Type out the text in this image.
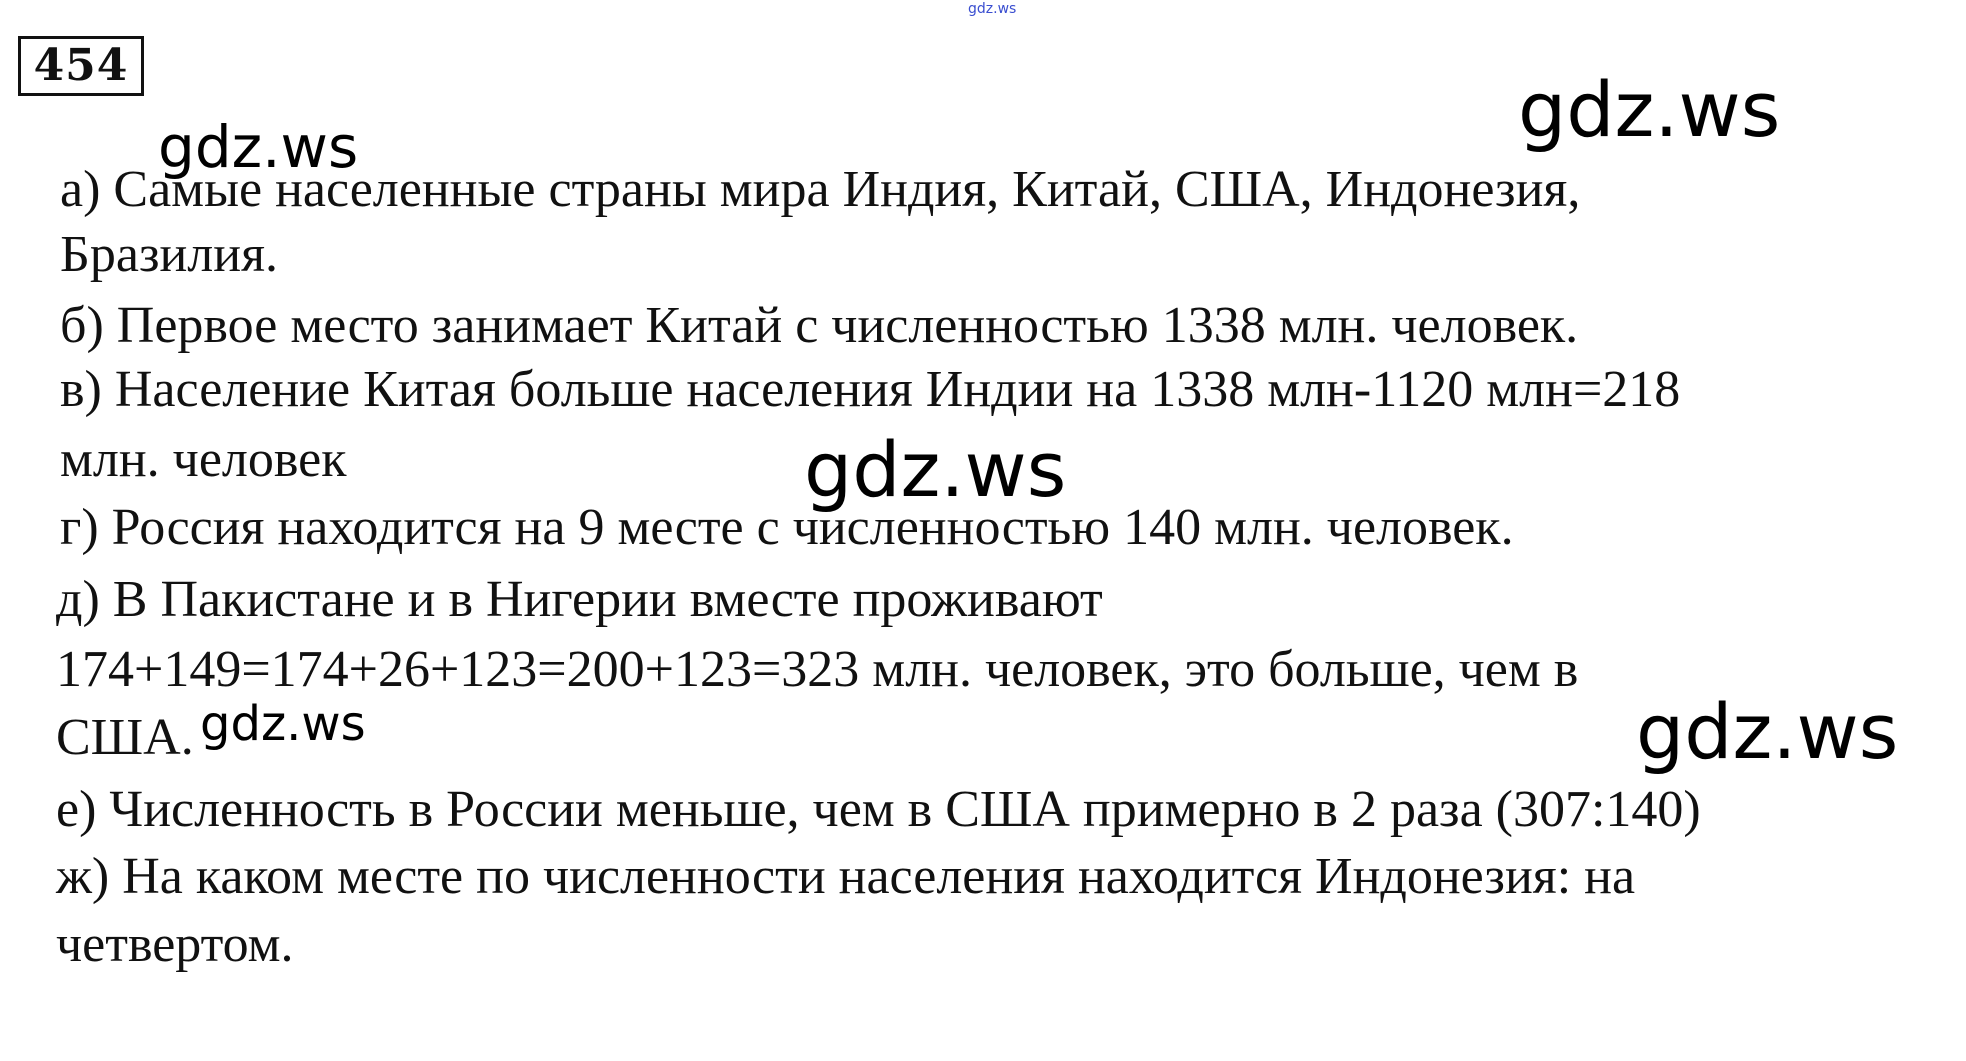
gdz.ws
454
а) Самые населенные страны мира Индия, Китай, США, Индонезия,
Бразилия.
б) Первое место занимает Китай с численностью 1338 млн. человек.
в) Население Китая больше населения Индии на 1338 млн-1120 млн=218
млн. человек
г) Россия находится на 9 месте с численностью 140 млн. человек.
д) В Пакистане и в Нигерии вместе проживают
174+149=174+26+123=200+123=323 млн. человек, это больше, чем в
США.
е) Численность в России меньше, чем в США примерно в 2 раза (307:140)
ж) На каком месте по численности населения находится Индонезия: на
четвертом.
gdz.ws
gdz.ws
gdz.ws
gdz.ws	gdz.ws
